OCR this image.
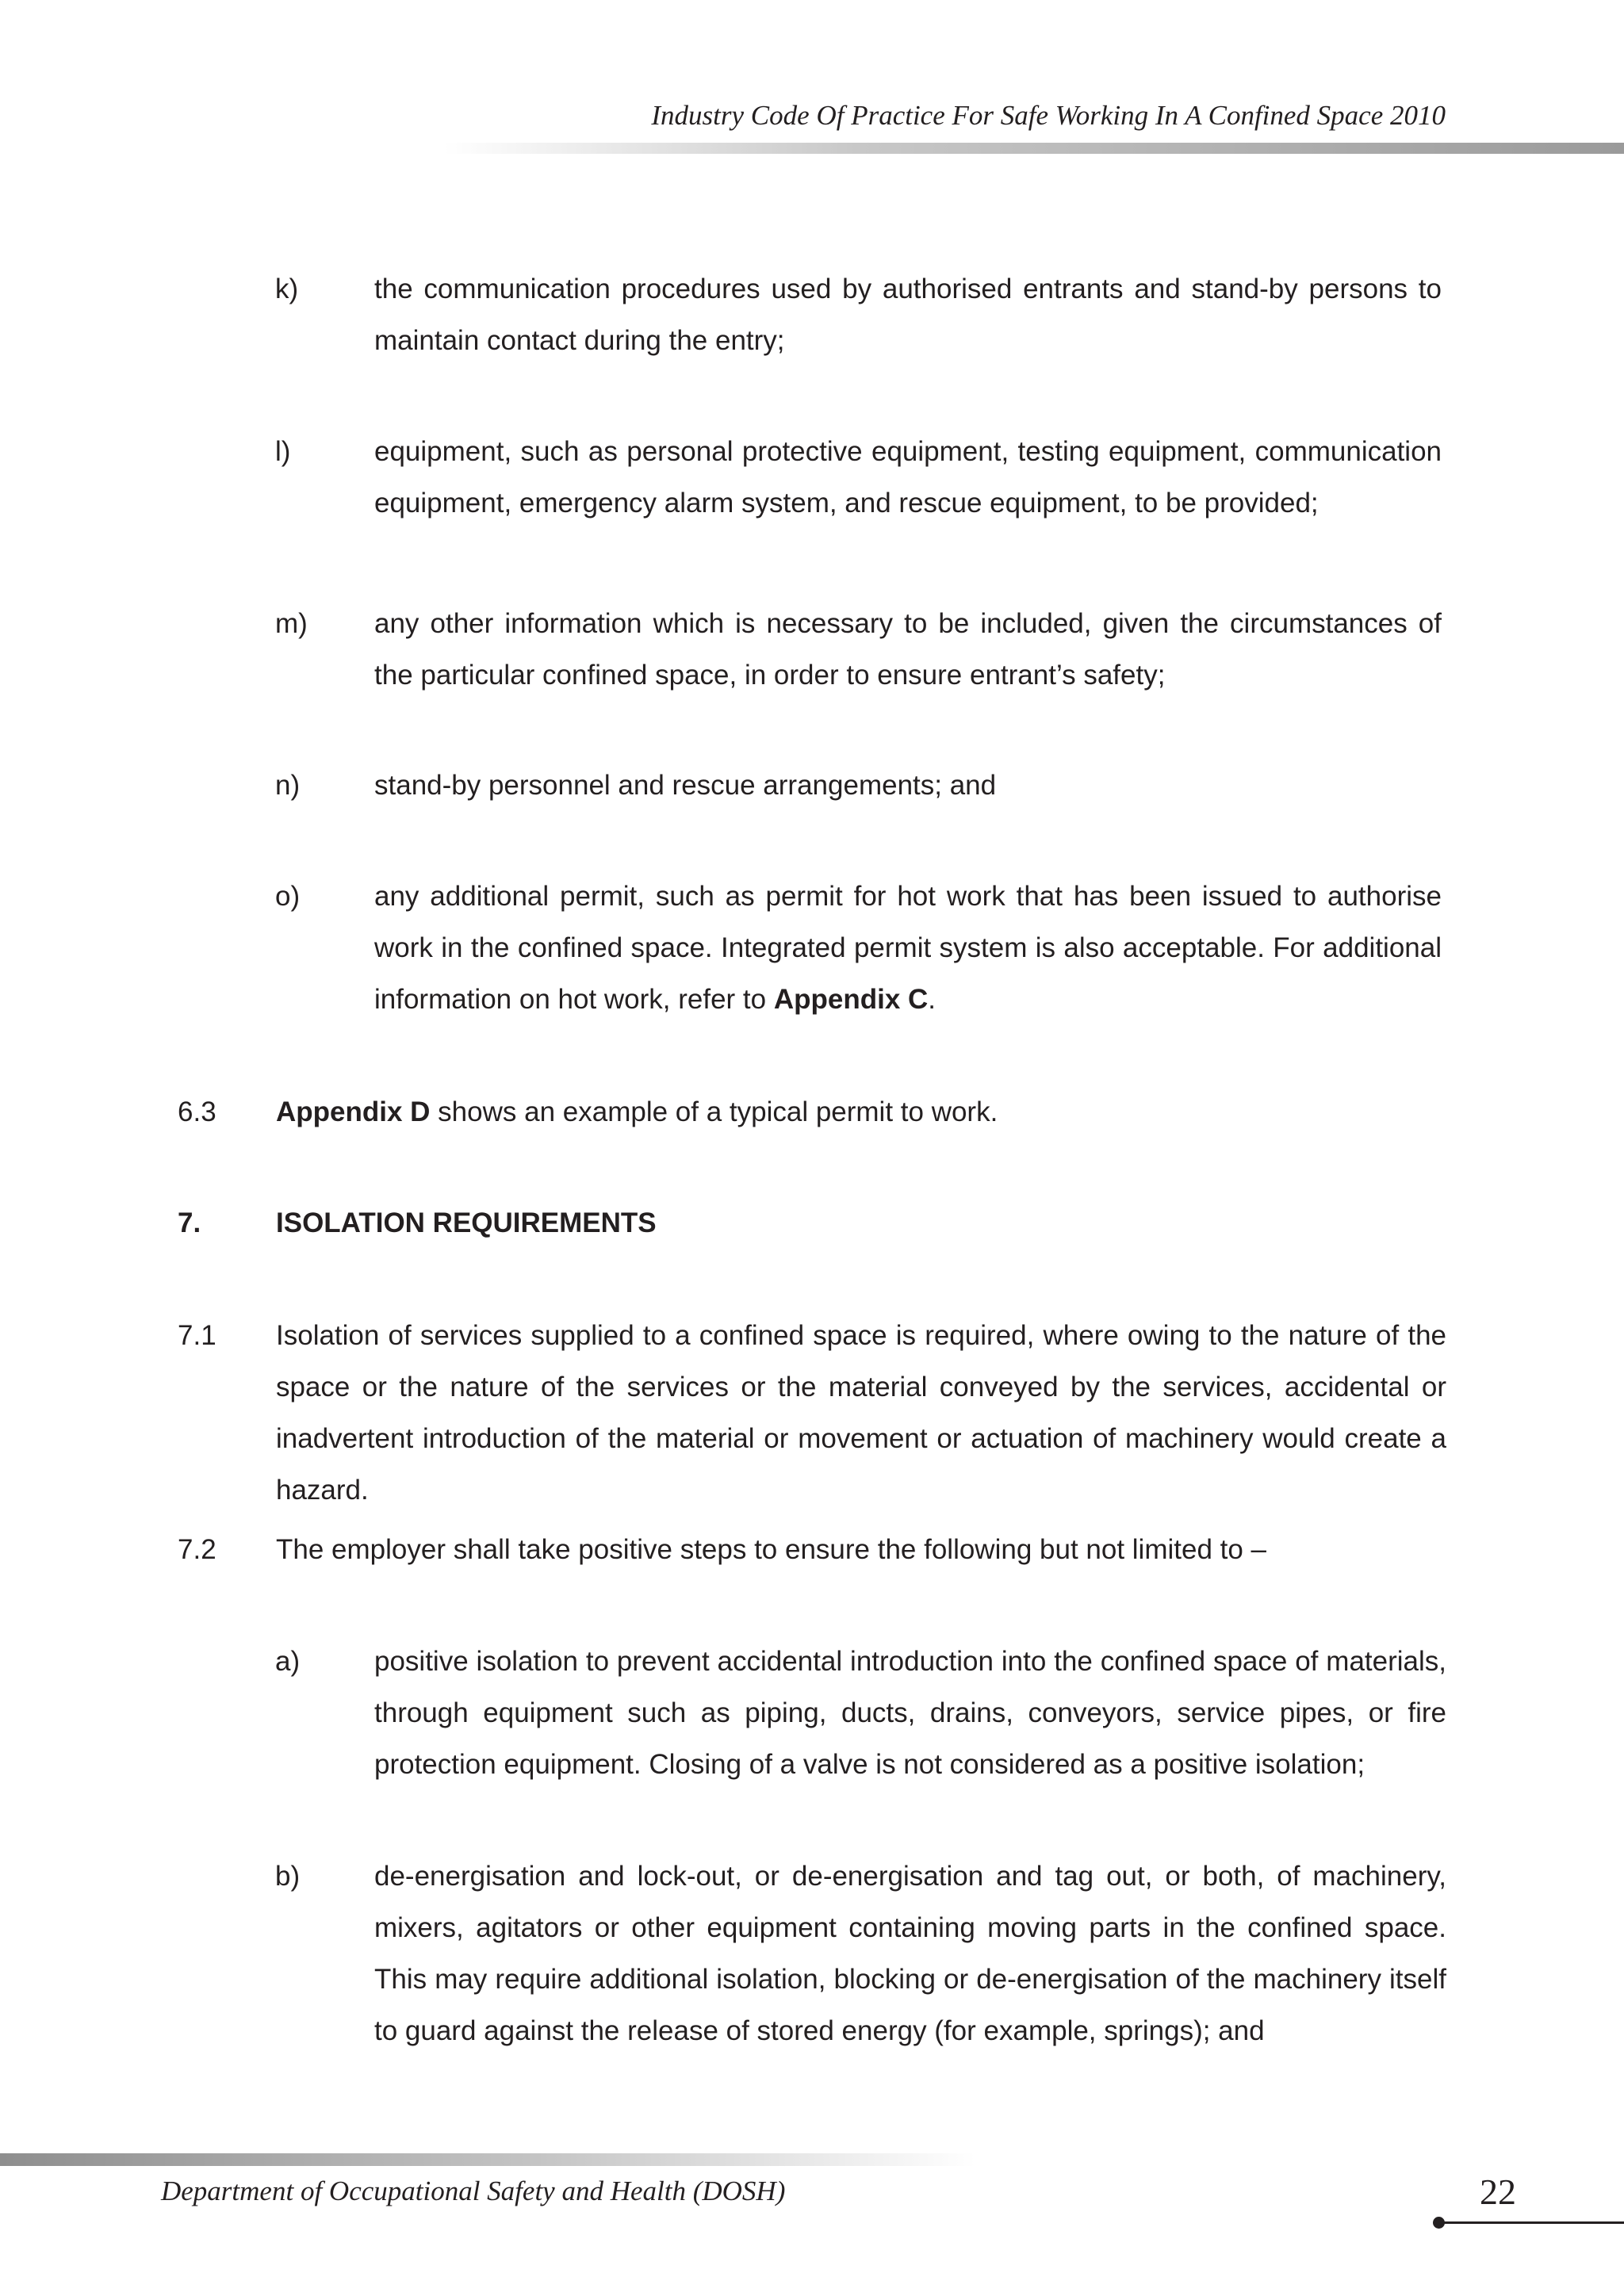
Industry Code Of Practice For Safe Working In A Confined Space 2010
k)	the communication procedures used by authorised entrants and stand-by persons to maintain contact during the entry;
l)	equipment, such as personal protective equipment, testing equipment, communication equipment, emergency alarm system, and rescue equipment, to be provided;
m) any other information which is necessary to be included, given the circumstances of the particular confined space, in order to ensure entrant’s safety;
n)	stand-by personnel and rescue arrangements; and
o)	any additional permit, such as permit for hot work that has been issued to authorise work in the confined space. Integrated permit system is also acceptable. For additional information on hot work, refer to Appendix C.
6.3 Appendix D shows an example of a typical permit to work.
7.	ISOLATION REQUIREMENTS
7.1 Isolation of services supplied to a confined space is required, where owing to the nature of the space or the nature of the services or the material conveyed by the services, accidental or inadvertent introduction of the material or movement or actuation of machinery would create a hazard.
7.2 The employer shall take positive steps to ensure the following but not limited to –
a)	positive isolation to prevent accidental introduction into the confined space of materials, through equipment such as piping, ducts, drains, conveyors, service pipes, or fire protection equipment. Closing of a valve is not considered as a positive isolation;
b)	de-energisation and lock-out, or de-energisation and tag out, or both, of machinery, mixers, agitators or other equipment containing moving parts in the confined space. This may require additional isolation, blocking or de-energisation of the machinery itself to guard against the release of stored energy (for example, springs); and
Department of Occupational Safety and Health (DOSH)	22
